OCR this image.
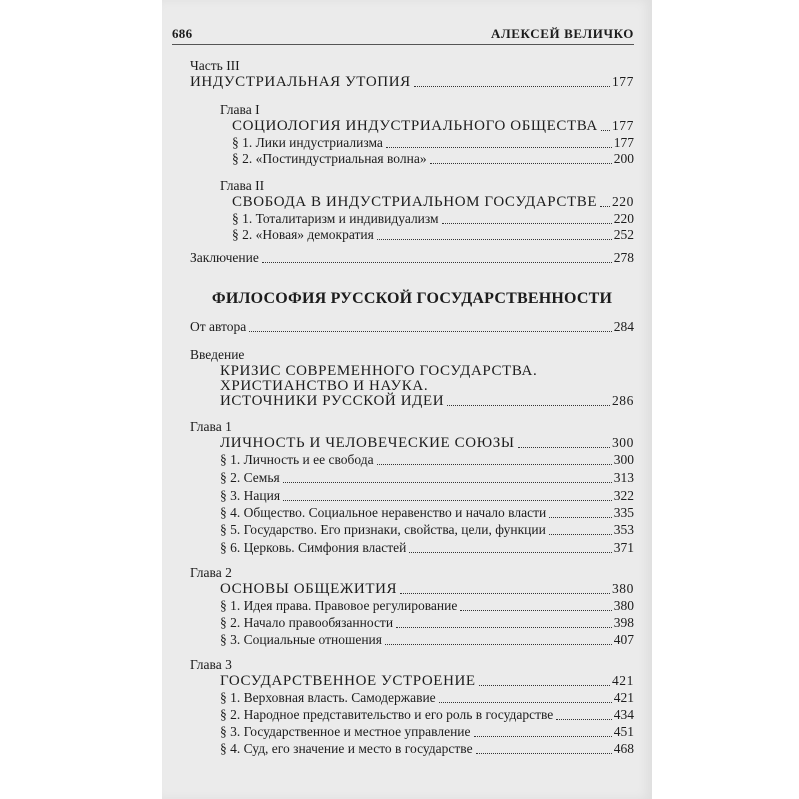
686	АЛЕКСЕЙ ВЕЛИЧКО
Часть III
ИНДУСТРИАЛЬНАЯ УТОПИЯ	177
Глава I
СОЦИОЛОГИЯ ИНДУСТРИАЛЬНОГО ОБЩЕСТВА 177
§ 1. Лики индустриализма	177
§ 2. «Постиндустриальная волна»	200
Глава II
СВОБОДА В ИНДУСТРИАЛЬНОМ ГОСУДАРСТВЕ 220
§ 1. Тоталитаризм и индивидуализм	220
§ 2. «Новая» демократия	252
Заключение	278
ФИЛОСОФИЯ РУССКОЙ ГОСУДАРСТВЕННОСТИ
От автора	284
Введение
КРИЗИС СОВРЕМЕННОГО ГОСУДАРСТВА.
ХРИСТИАНСТВО И НАУКА.
ИСТОЧНИКИ РУССКОЙ ИДЕИ	286
Глава 1
ЛИЧНОСТЬ И ЧЕЛОВЕЧЕСКИЕ СОЮЗЫ	300
§ 1. Личность и ее свобода	300
§ 2. Семья	313
§ 3. Нация	322
§ 4. Общество. Социальное неравенство и начало власти	335
§ 5. Государство. Его признаки, свойства, цели, функции	353
§ 6. Церковь. Симфония властей	371
Глава 2
ОСНОВЫ ОБЩЕЖИТИЯ	380
§ 1. Идея права. Правовое регулирование	380
§ 2. Начало правообязанности	398
§ 3. Социальные отношения	407
Глава 3
ГОСУДАРСТВЕННОЕ УСТРОЕНИЕ	421
§ 1. Верховная власть. Самодержавие	421
§ 2. Народное представительство и его роль в государстве	434
§ 3. Государственное и местное управление	451
§ 4. Суд, его значение и место в государстве	468
